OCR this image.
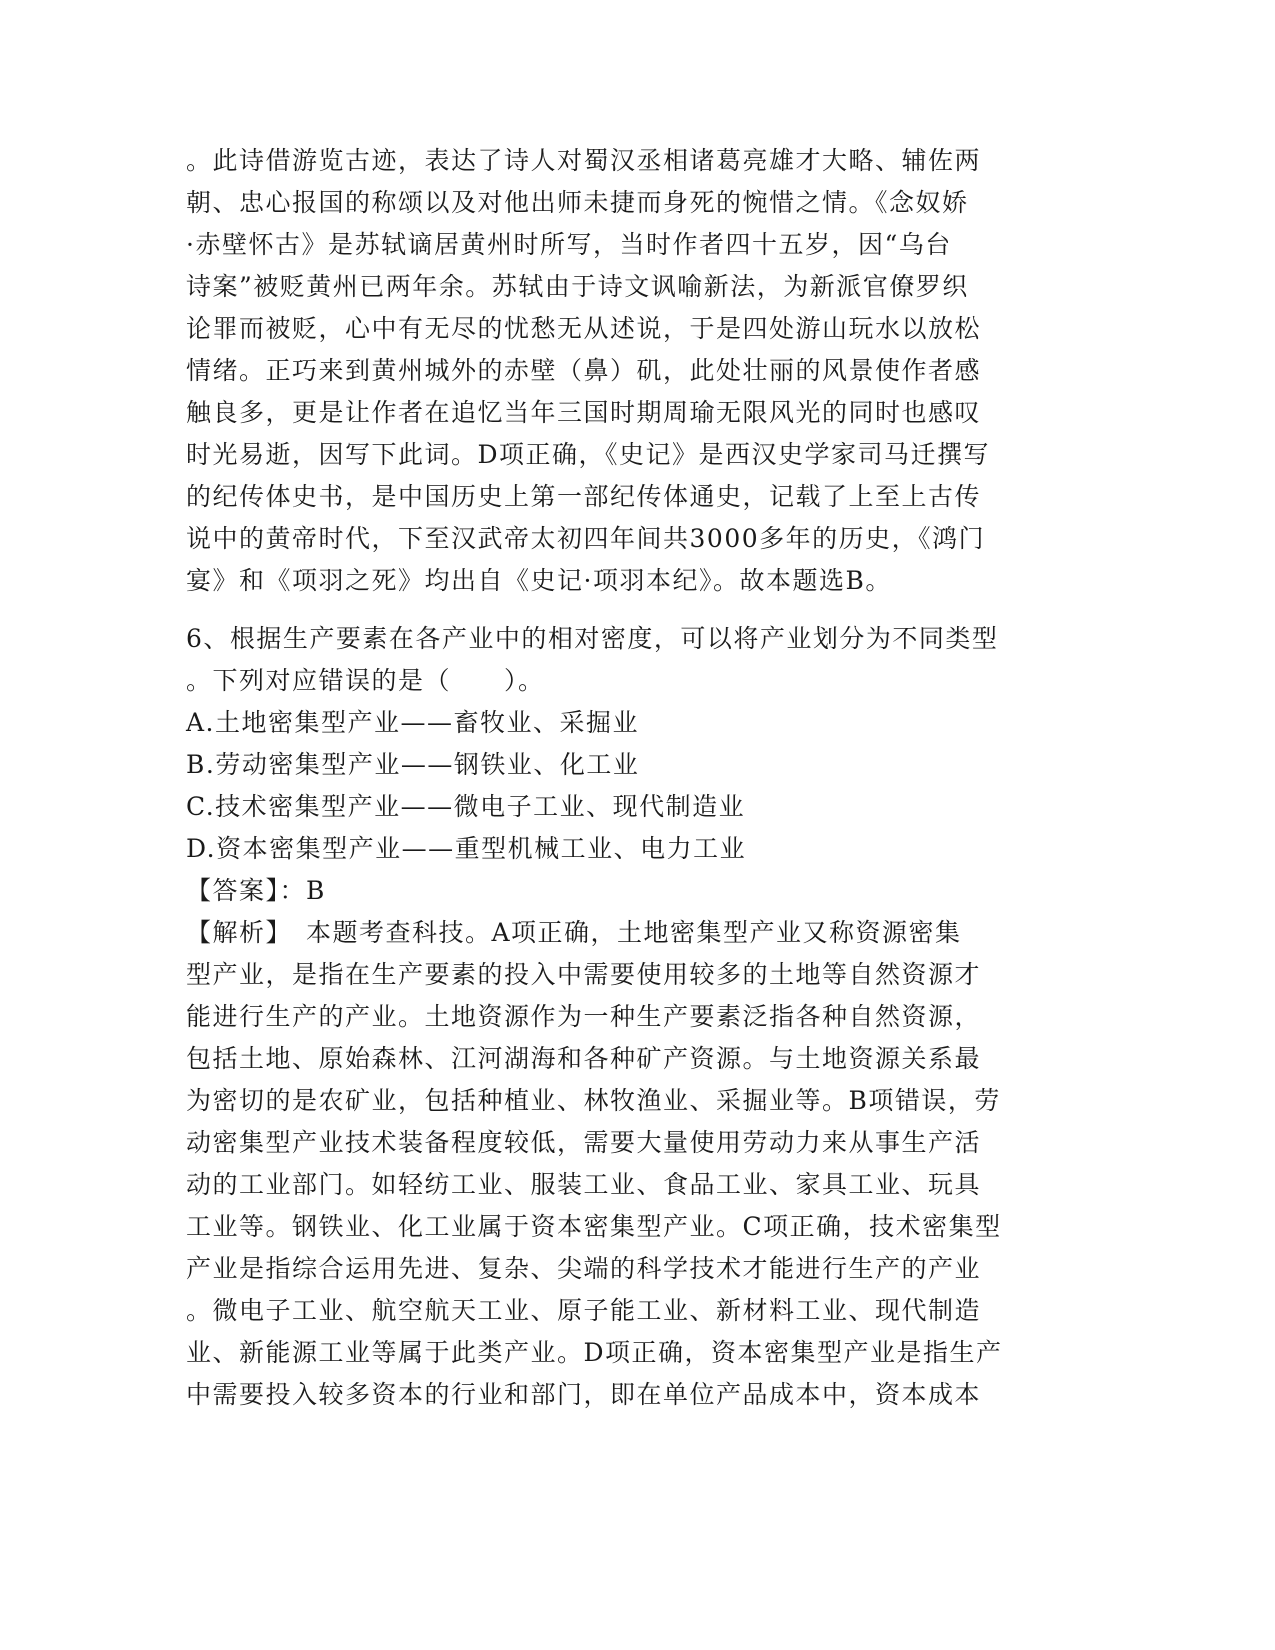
。此诗借游览古迹，表达了诗人对蜀汉丞相诸葛亮雄才大略、辅佐两
朝、忠心报国的称颂以及对他出师未捷而身死的惋惜之情。《念奴娇
·赤壁怀古》是苏轼谪居黄州时所写，当时作者四十五岁，因“乌台
诗案”被贬黄州已两年余。苏轼由于诗文讽喻新法，为新派官僚罗织
论罪而被贬，心中有无尽的忧愁无从述说，于是四处游山玩水以放松
情绪。正巧来到黄州城外的赤壁（鼻）矶，此处壮丽的风景使作者感
触良多，更是让作者在追忆当年三国时期周瑜无限风光的同时也感叹
时光易逝，因写下此词。D项正确，《史记》是西汉史学家司马迁撰写
的纪传体史书，是中国历史上第一部纪传体通史，记载了上至上古传
说中的黄帝时代，下至汉武帝太初四年间共3000多年的历史，《鸿门
宴》和《项羽之死》均出自《史记·项羽本纪》。故本题选B。
6、根据生产要素在各产业中的相对密度，可以将产业划分为不同类型
。下列对应错误的是（　　）。
A.土地密集型产业——畜牧业、采掘业
B.劳动密集型产业——钢铁业、化工业
C.技术密集型产业——微电子工业、现代制造业
D.资本密集型产业——重型机械工业、电力工业
【答案】：B
【解析】　本题考查科技。A项正确，土地密集型产业又称资源密集
型产业，是指在生产要素的投入中需要使用较多的土地等自然资源才
能进行生产的产业。土地资源作为一种生产要素泛指各种自然资源，
包括土地、原始森林、江河湖海和各种矿产资源。与土地资源关系最
为密切的是农矿业，包括种植业、林牧渔业、采掘业等。B项错误，劳
动密集型产业技术装备程度较低，需要大量使用劳动力来从事生产活
动的工业部门。如轻纺工业、服装工业、食品工业、家具工业、玩具
工业等。钢铁业、化工业属于资本密集型产业。C项正确，技术密集型
产业是指综合运用先进、复杂、尖端的科学技术才能进行生产的产业
。微电子工业、航空航天工业、原子能工业、新材料工业、现代制造
业、新能源工业等属于此类产业。D项正确，资本密集型产业是指生产
中需要投入较多资本的行业和部门，即在单位产品成本中，资本成本
